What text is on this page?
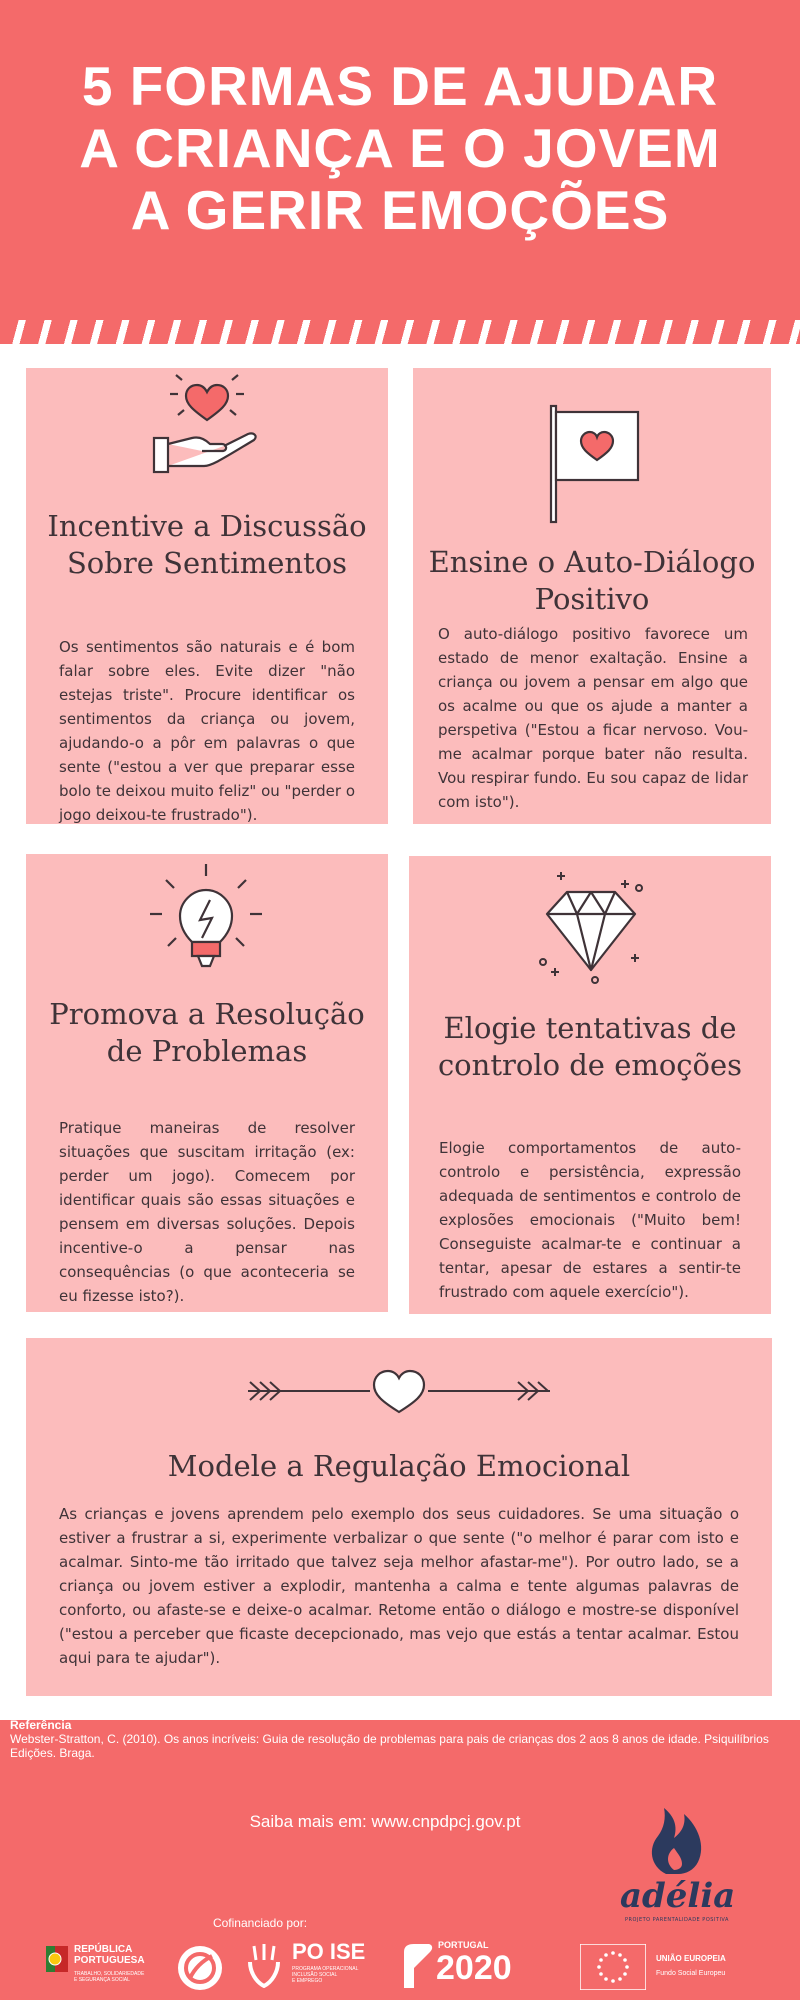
5 FORMAS DE AJUDAR A CRIANÇA E O JOVEM A GERIR EMOÇÕES
Incentive a Discussão Sobre Sentimentos

Os sentimentos são naturais e é bom falar sobre eles. Evite dizer "não estejas triste". Procure identificar os sentimentos da criança ou jovem, ajudando-o a pôr em palavras o que sente ("estou a ver que preparar esse bolo te deixou muito feliz" ou "perder o jogo deixou-te frustrado").

Ensine o Auto-Diálogo Positivo

O auto-diálogo positivo favorece um estado de menor exaltação. Ensine a criança ou jovem a pensar em algo que os acalme ou que os ajude a manter a perspetiva ("Estou a ficar nervoso. Vou-me acalmar porque bater não resulta. Vou respirar fundo. Eu sou capaz de lidar com isto").

Promova a Resolução de Problemas

Pratique maneiras de resolver situações que suscitam irritação (ex: perder um jogo). Comecem por identificar quais são essas situações e pensem em diversas soluções. Depois incentive-o a pensar nas consequências (o que aconteceria se eu fizesse isto?).

Elogie tentativas de controlo de emoções

Elogie comportamentos de auto-controlo e persistência, expressão adequada de sentimentos e controlo de explosões emocionais ("Muito bem! Conseguiste acalmar-te e continuar a tentar, apesar de estares a sentir-te frustrado com aquele exercício").

Modele a Regulação Emocional

As crianças e jovens aprendem pelo exemplo dos seus cuidadores. Se uma situação o estiver a frustrar a si, experimente verbalizar o que sente ("o melhor é parar com isto e acalmar. Sinto-me tão irritado que talvez seja melhor afastar-me"). Por outro lado, se a criança ou jovem estiver a explodir, mantenha a calma e tente algumas palavras de conforto, ou afaste-se e deixe-o acalmar. Retome então o diálogo e mostre-se disponível ("estou a perceber que ficaste decepcionado, mas vejo que estás a tentar acalmar. Estou aqui para te ajudar").

Referência
Webster-Stratton, C. (2010). Os anos incríveis: Guia de resolução de problemas para pais de crianças dos 2 aos 8 anos de idade. Psiquilíbrios Edições. Braga.
Saiba mais em: www.cnpdpcj.gov.pt
adélia
PROJETO PARENTALIDADE POSITIVA
Cofinanciado por:
REPÚBLICA
PORTUGUESA
TRABALHO, SOLIDARIEDADE
E SEGURANÇA SOCIAL
PO ISE
PROGRAMA OPERACIONAL
INCLUSÃO SOCIAL
E EMPREGO
PORTUGAL
2020	UNIÃO EUROPEIA
Fundo Social Europeu
